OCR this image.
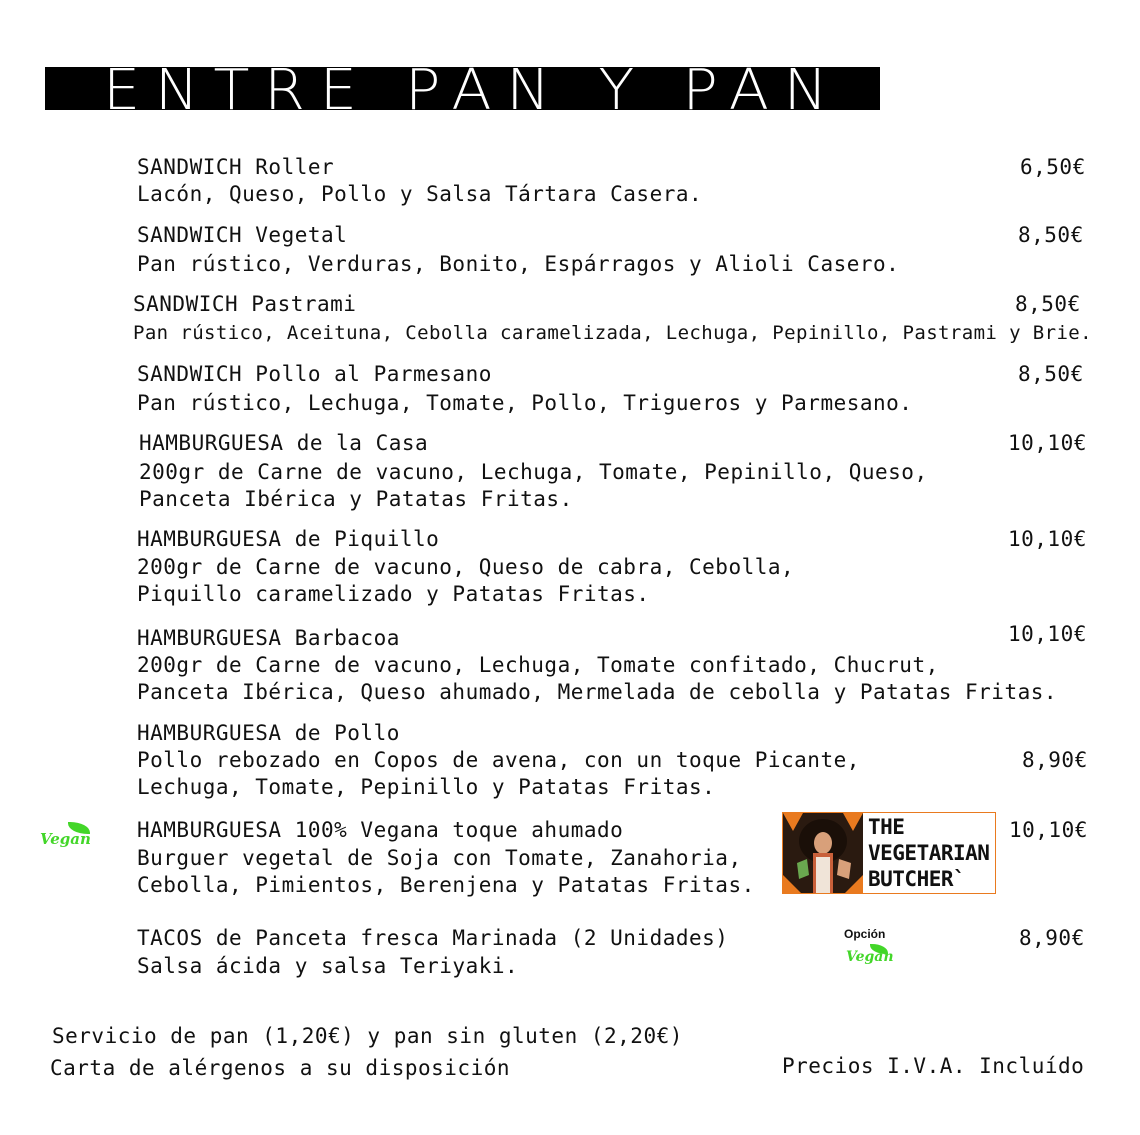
ENTRE PAN Y PAN
SANDWICH Roller
Lacón, Queso, Pollo y Salsa Tártara Casera.
6,50€
SANDWICH Vegetal
Pan rústico, Verduras, Bonito, Espárragos y Alioli Casero.
8,50€
SANDWICH Pastrami
Pan rústico, Aceituna, Cebolla caramelizada, Lechuga, Pepinillo, Pastrami y Brie.
8,50€
SANDWICH Pollo al Parmesano
Pan rústico, Lechuga, Tomate, Pollo, Trigueros y Parmesano.
8,50€
HAMBURGUESA de la Casa
200gr de Carne de vacuno, Lechuga, Tomate, Pepinillo, Queso,
Panceta Ibérica y Patatas Fritas.
10,10€
HAMBURGUESA de Piquillo
200gr de Carne de vacuno, Queso de cabra, Cebolla,
Piquillo caramelizado y Patatas Fritas.
10,10€
HAMBURGUESA Barbacoa
200gr de Carne de vacuno, Lechuga, Tomate confitado, Chucrut,
Panceta Ibérica, Queso ahumado, Mermelada de cebolla y Patatas Fritas.
10,10€
HAMBURGUESA de Pollo
Pollo rebozado en Copos de avena, con un toque Picante,
Lechuga, Tomate, Pepinillo y Patatas Fritas.
8,90€
HAMBURGUESA 100% Vegana toque ahumado
Burguer vegetal de Soja con Tomate, Zanahoria,
Cebolla, Pimientos, Berenjena y Patatas Fritas.
10,10€
TACOS de Panceta fresca Marinada (2 Unidades)
Salsa ácida y salsa Teriyaki.
8,90€
Vegan
Opción
Vegan
THE
VEGETARIAN
BUTCHER`
Servicio de pan (1,20€) y pan sin gluten (2,20€)
Carta de alérgenos a su disposición	Precios I.V.A. Incluído
